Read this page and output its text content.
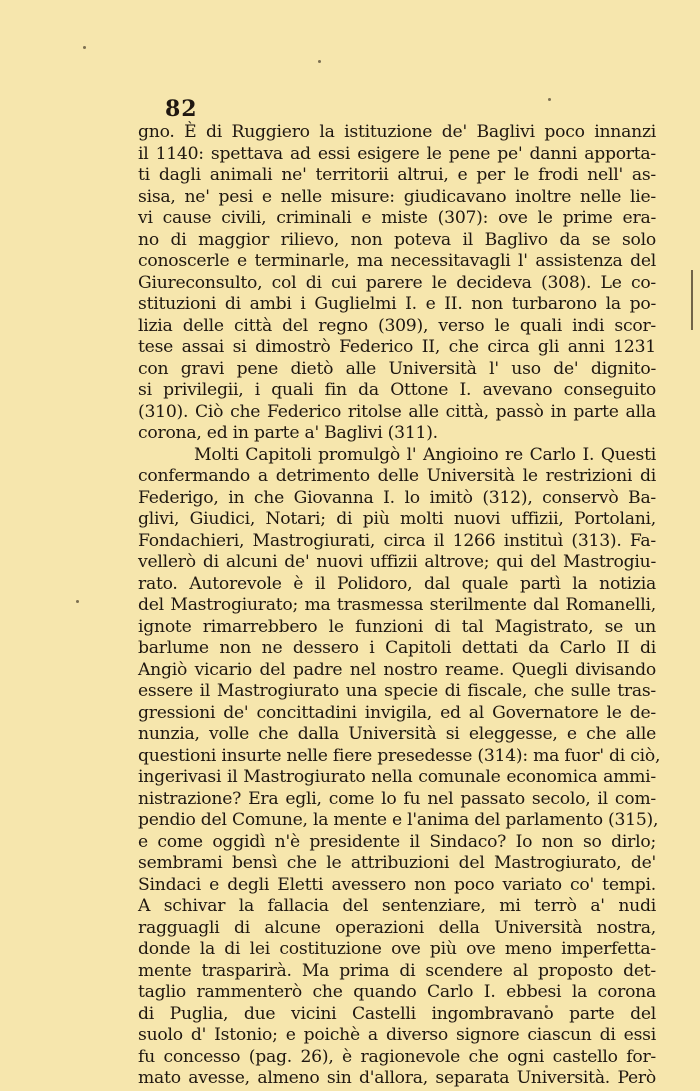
82
gno. È di Ruggiero la istituzione de' Baglivi poco innanzi
il 1140: spettava ad essi esigere le pene pe' danni apporta-
ti dagli animali ne' territorii altrui, e per le frodi nell' as-
sisa, ne' pesi e nelle misure: giudicavano inoltre nelle lie-
vi cause civili, criminali e miste (307): ove le prime era-
no di maggior rilievo, non poteva il Baglivo da se solo
conoscerle e terminarle, ma necessitavagli l' assistenza del
Giureconsulto, col di cui parere le decideva (308). Le co-
stituzioni di ambi i Guglielmi I. e II. non turbarono la po-
lizia delle città del regno (309), verso le quali indi scor-
tese assai si dimostrò Federico II, che circa gli anni 1231
con gravi pene dietò alle Università l' uso de' dignito-
si privilegii, i quali fin da Ottone I. avevano conseguito
(310). Ciò che Federico ritolse alle città, passò in parte alla
corona, ed in parte a' Baglivi (311).
Molti Capitoli promulgò l' Angioino re Carlo I. Questi
confermando a detrimento delle Università le restrizioni di
Federigo, in che Giovanna I. lo imitò (312), conservò Ba-
glivi, Giudici, Notari; di più molti nuovi uffizii, Portolani,
Fondachieri, Mastrogiurati, circa il 1266 instituì (313). Fa-
vellerò di alcuni de' nuovi uffizii altrove; qui del Mastrogiu-
rato. Autorevole è il Polidoro, dal quale partì la notizia
del Mastrogiurato; ma trasmessa sterilmente dal Romanelli,
ignote rimarrebbero le funzioni di tal Magistrato, se un
barlume non ne dessero i Capitoli dettati da Carlo II di
Angiò vicario del padre nel nostro reame. Quegli divisando
essere il Mastrogiurato una specie di fiscale, che sulle tras-
gressioni de' concittadini invigila, ed al Governatore le de-
nunzia, volle che dalla Università si eleggesse, e che alle
questioni insurte nelle fiere presedesse (314): ma fuor' di ciò,
ingerivasi il Mastrogiurato nella comunale economica ammi-
nistrazione? Era egli, come lo fu nel passato secolo, il com-
pendio del Comune, la mente e l'anima del parlamento (315),
e come oggidì n'è presidente il Sindaco? Io non so dirlo;
sembrami bensì che le attribuzioni del Mastrogiurato, de'
Sindaci e degli Eletti avessero non poco variato co' tempi.
A schivar la fallacia del sentenziare, mi terrò a' nudi
ragguagli di alcune operazioni della Università nostra,
donde la di lei costituzione ove più ove meno imperfetta-
mente trasparirà. Ma prima di scendere al proposto det-
taglio rammenterò che quando Carlo I. ebbesi la corona
di Puglia, due vicini Castelli ingombravano parte del
suolo d' Istonio; e poichè a diverso signore ciascun di essi
fu concesso (pag. 26), è ragionevole che ogni castello for-
mato avesse, almeno sin d'allora, separata Università. Però
